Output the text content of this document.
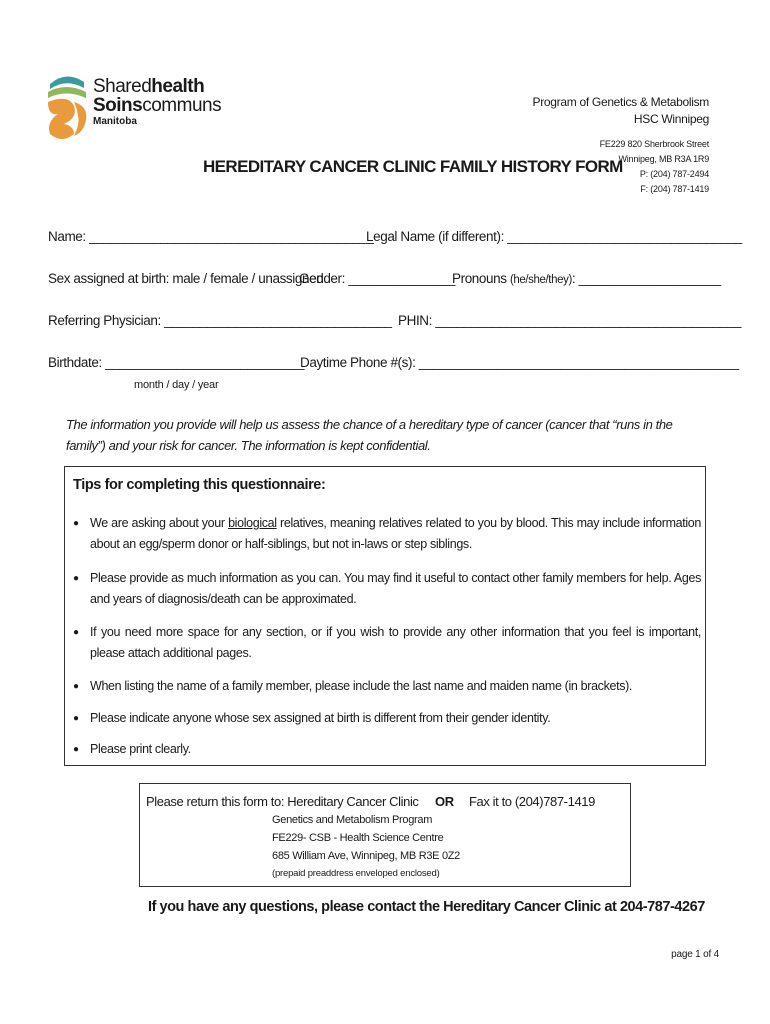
Sharedhealth
Soinscommuns
Manitoba
Program of Genetics & Metabolism
HSC Winnipeg
FE229 820 Sherbrook Street
Winnipeg, MB R3A 1R9
P: (204) 787-2494
F: (204) 787-1419
HEREDITARY CANCER CLINIC FAMILY HISTORY FORM
Name: ________________________________________
Legal Name (if different): _________________________________
Sex assigned at birth: male / female / unassigned
Gender: _______________
Pronouns (he/she/they): ____________________
Referring Physician: ________________________________ PHIN: ___________________________________________
Birthdate: ____________________________
Daytime Phone #(s): _____________________________________________
month / day / year
The information you provide will help us assess the chance of a hereditary type of cancer (cancer that “runs in the family”) and your risk for cancer. The information is kept confidential.
Tips for completing this questionnaire:
● We are asking about your biological relatives, meaning relatives related to you by blood. This may include information about an egg/sperm donor or half-siblings, but not in-laws or step siblings.
● Please provide as much information as you can. You may find it useful to contact other family members for help. Ages and years of diagnosis/death can be approximated.
● If you need more space for any section, or if you wish to provide any other information that you feel is important, please attach additional pages.
● When listing the name of a family member, please include the last name and maiden name (in brackets).
● Please indicate anyone whose sex assigned at birth is different from their gender identity.
● Please print clearly.
Please return this form to: Hereditary Cancer Clinic OR Fax it to (204)787-1419
Genetics and Metabolism Program
FE229- CSB - Health Science Centre
685 William Ave, Winnipeg, MB R3E 0Z2
(prepaid preaddress enveloped enclosed)
If you have any questions, please contact the Hereditary Cancer Clinic at 204-787-4267
page 1 of 4
